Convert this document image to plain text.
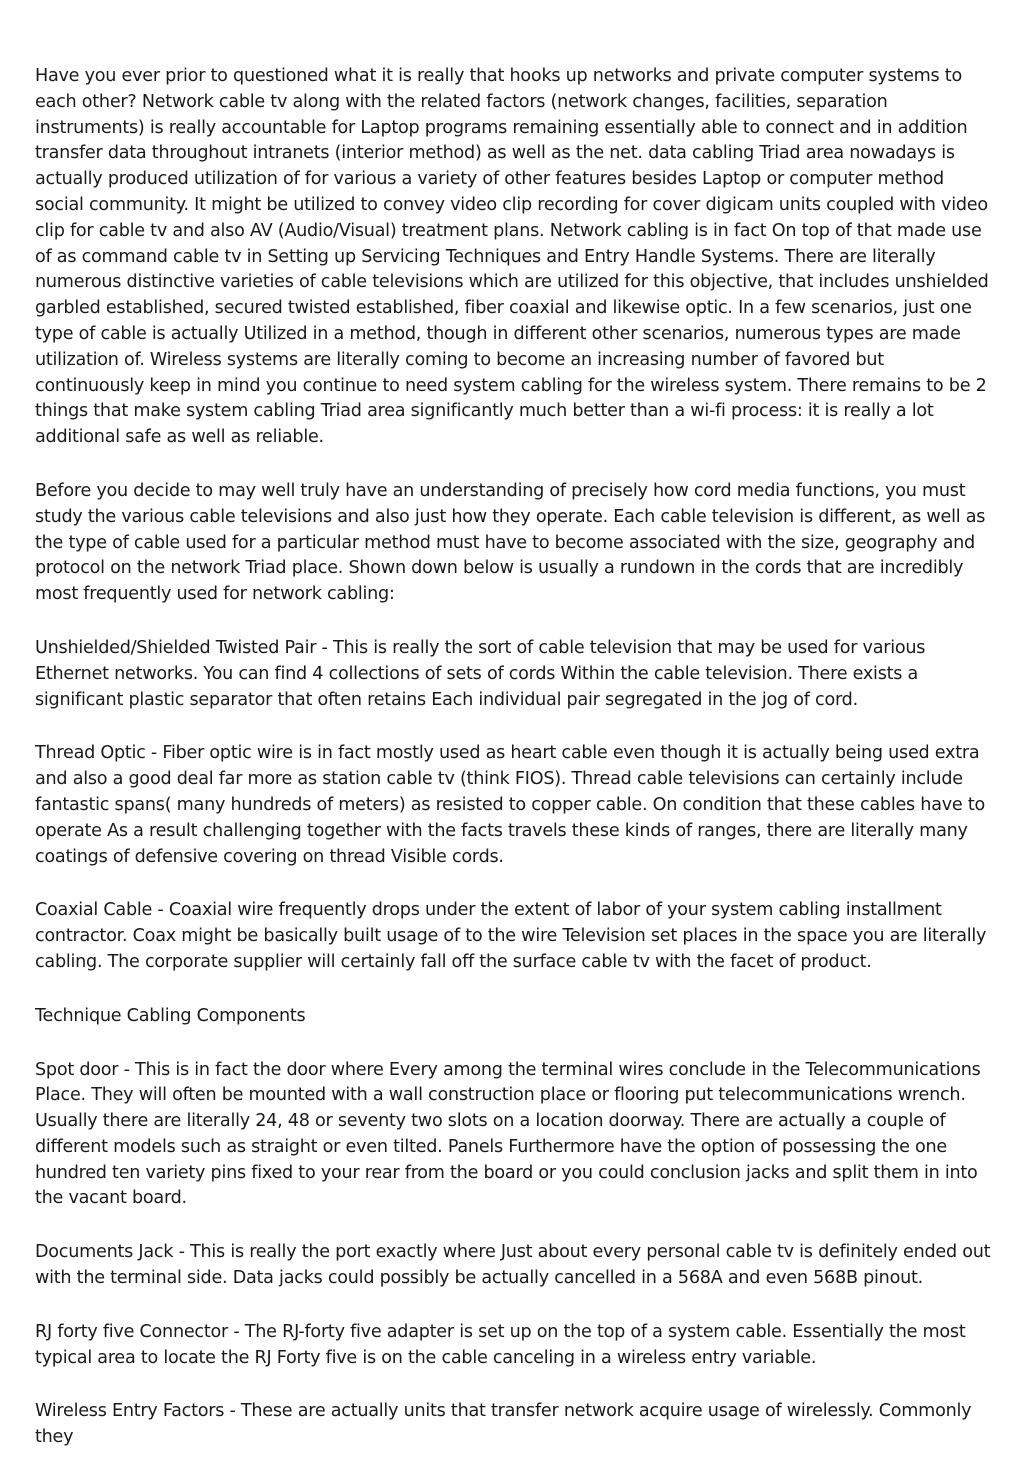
Have you ever prior to questioned what it is really that hooks up networks and private computer systems to each other? Network cable tv along with the related factors (network changes, facilities, separation instruments) is really accountable for Laptop programs remaining essentially able to connect and in addition transfer data throughout intranets (interior method) as well as the net. data cabling Triad area nowadays is actually produced utilization of for various a variety of other features besides Laptop or computer method social community. It might be utilized to convey video clip recording for cover digicam units coupled with video clip for cable tv and also AV (Audio/Visual) treatment plans. Network cabling is in fact On top of that made use of as command cable tv in Setting up Servicing Techniques and Entry Handle Systems. There are literally numerous distinctive varieties of cable televisions which are utilized for this objective, that includes unshielded garbled established, secured twisted established, fiber coaxial and likewise optic. In a few scenarios, just one type of cable is actually Utilized in a method, though in different other scenarios, numerous types are made utilization of. Wireless systems are literally coming to become an increasing number of favored but continuously keep in mind you continue to need system cabling for the wireless system. There remains to be 2 things that make system cabling Triad area significantly much better than a wi-fi process: it is really a lot additional safe as well as reliable.

Before you decide to may well truly have an understanding of precisely how cord media functions, you must study the various cable televisions and also just how they operate. Each cable television is different, as well as the type of cable used for a particular method must have to become associated with the size, geography and protocol on the network Triad place. Shown down below is usually a rundown in the cords that are incredibly most frequently used for network cabling:

Unshielded/Shielded Twisted Pair - This is really the sort of cable television that may be used for various Ethernet networks. You can find 4 collections of sets of cords Within the cable television. There exists a significant plastic separator that often retains Each individual pair segregated in the jog of cord.

Thread Optic - Fiber optic wire is in fact mostly used as heart cable even though it is actually being used extra and also a good deal far more as station cable tv (think FIOS). Thread cable televisions can certainly include fantastic spans( many hundreds of meters) as resisted to copper cable. On condition that these cables have to operate As a result challenging together with the facts travels these kinds of ranges, there are literally many coatings of defensive covering on thread Visible cords.

Coaxial Cable - Coaxial wire frequently drops under the extent of labor of your system cabling installment contractor. Coax might be basically built usage of to the wire Television set places in the space you are literally cabling. The corporate supplier will certainly fall off the surface cable tv with the facet of product.

Technique Cabling Components

Spot door - This is in fact the door where Every among the terminal wires conclude in the Telecommunications Place. They will often be mounted with a wall construction place or flooring put telecommunications wrench. Usually there are literally 24, 48 or seventy two slots on a location doorway. There are actually a couple of different models such as straight or even tilted. Panels Furthermore have the option of possessing the one hundred ten variety pins fixed to your rear from the board or you could conclusion jacks and split them in into the vacant board.

Documents Jack - This is really the port exactly where Just about every personal cable tv is definitely ended out with the terminal side. Data jacks could possibly be actually cancelled in a 568A and even 568B pinout.

RJ forty five Connector - The RJ-forty five adapter is set up on the top of a system cable. Essentially the most typical area to locate the RJ Forty five is on the cable canceling in a wireless entry variable.

Wireless Entry Factors - These are actually units that transfer network acquire usage of wirelessly. Commonly they
